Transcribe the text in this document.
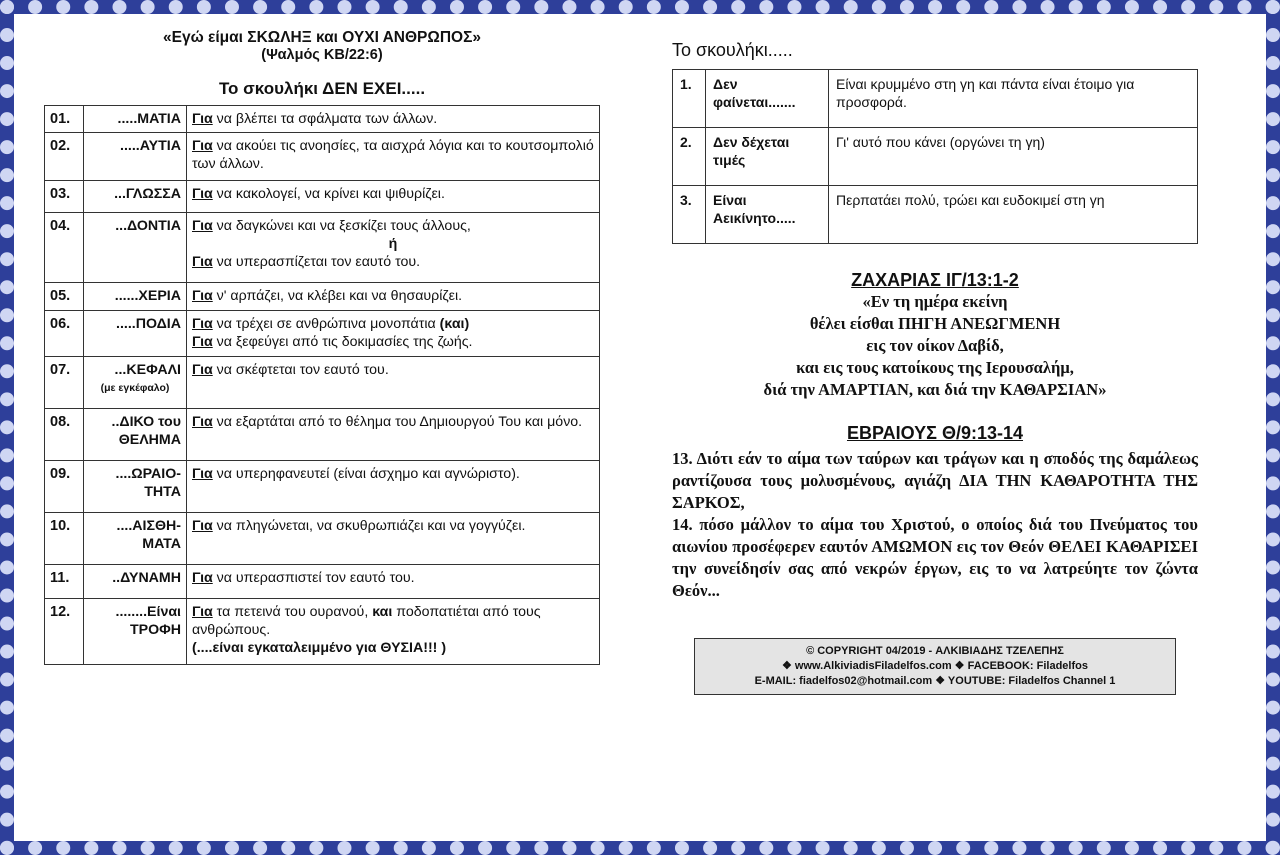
«Εγώ είμαι ΣΚΩΛΗΞ και ΟΥΧΙ ΑΝΘΡΩΠΟΣ»
(Ψαλμός ΚΒ/22:6)
Το σκουλήκι ΔΕΝ ΕΧΕΙ.....
01.	.....ΜΑΤΙΑ	Για να βλέπει τα σφάλματα των άλλων.
02.	.....ΑΥΤΙΑ	Για να ακούει τις ανοησίες, τα αισχρά λόγια και το κουτσομπολιό των άλλων.
03.	...ΓΛΩΣΣΑ	Για να κακολογεί, να κρίνει και ψιθυρίζει.
04.	...ΔΟΝΤΙΑ	Για να δαγκώνει και να ξεσκίζει τους άλλους,
ή
Για να υπερασπίζεται τον εαυτό του.
05.	......ΧΕΡΙΑ	Για ν' αρπάζει, να κλέβει και να θησαυρίζει.
06.	.....ΠΟΔΙΑ	Για να τρέχει σε ανθρώπινα μονοπάτια (και)
Για να ξεφεύγει από τις δοκιμασίες της ζωής.
07.	...ΚΕΦΑΛΙ
(με εγκέφαλο)	Για να σκέφτεται τον εαυτό του.
08.	..ΔΙΚΟ του ΘΕΛΗΜΑ	Για να εξαρτάται από το θέλημα του Δημιουργού Του και μόνο.
09.	....ΩΡΑΙΟ-ΤΗΤΑ	Για να υπερηφανευτεί (είναι άσχημο και αγνώριστο).
10.	....ΑΙΣΘΗ-ΜΑΤΑ	Για να πληγώνεται, να σκυθρωπιάζει και να γογγύζει.
11.	..ΔΥΝΑΜΗ	Για να υπερασπιστεί τον εαυτό του.
12.	........Είναι ΤΡΟΦΗ	Για τα πετεινά του ουρανού, και ποδοπατιέται από τους ανθρώπους.
(....είναι εγκαταλειμμένο για ΘΥΣΙΑ!!! )
Το σκουλήκι.....
1.	Δεν φαίνεται.......	Είναι κρυμμένο στη γη και πάντα είναι έτοιμο για προσφορά.
2.	Δεν δέχεται τιμές	Γι' αυτό που κάνει (οργώνει τη γη)
3.	Είναι Αεικίνητο.....	Περπατάει πολύ, τρώει και ευδοκιμεί στη γη
ΖΑΧΑΡΙΑΣ ΙΓ/13:1-2
«Εν τη ημέρα εκείνη
θέλει είσθαι ΠΗΓΗ ΑΝΕΩΓΜΕΝΗ
εις τον οίκον Δαβίδ,
και εις τους κατοίκους της Ιερουσαλήμ,
διά την ΑΜΑΡΤΙΑΝ, και διά την ΚΑΘΑΡΣΙΑΝ»
ΕΒΡΑΙΟΥΣ Θ/9:13-14
13. Διότι εάν το αίμα των ταύρων και τράγων και η σποδός της δαμάλεως ραντίζουσα τους μολυσμένους, αγιάζη ΔΙΑ ΤΗΝ ΚΑΘΑΡΟΤΗΤΑ ΤΗΣ ΣΑΡΚΟΣ,
14. πόσο μάλλον το αίμα του Χριστού, ο οποίος διά του Πνεύματος του αιωνίου προσέφερεν εαυτόν ΑΜΩΜΟΝ εις τον Θεόν ΘΕΛΕΙ ΚΑΘΑΡΙΣΕΙ την συνείδησίν σας από νεκρών έργων, εις το να λατρεύητε τον ζώντα Θεόν...
© COPYRIGHT 04/2019 - ΑΛΚΙΒΙΑΔΗΣ ΤΖΕΛΕΠΗΣ
❖ www.AlkiviadisFiladelfos.com ❖ FACEBOOK: Filadelfos
E-MAIL: fiadelfos02@hotmail.com ❖ YOUTUBE: Filadelfos Channel 1
